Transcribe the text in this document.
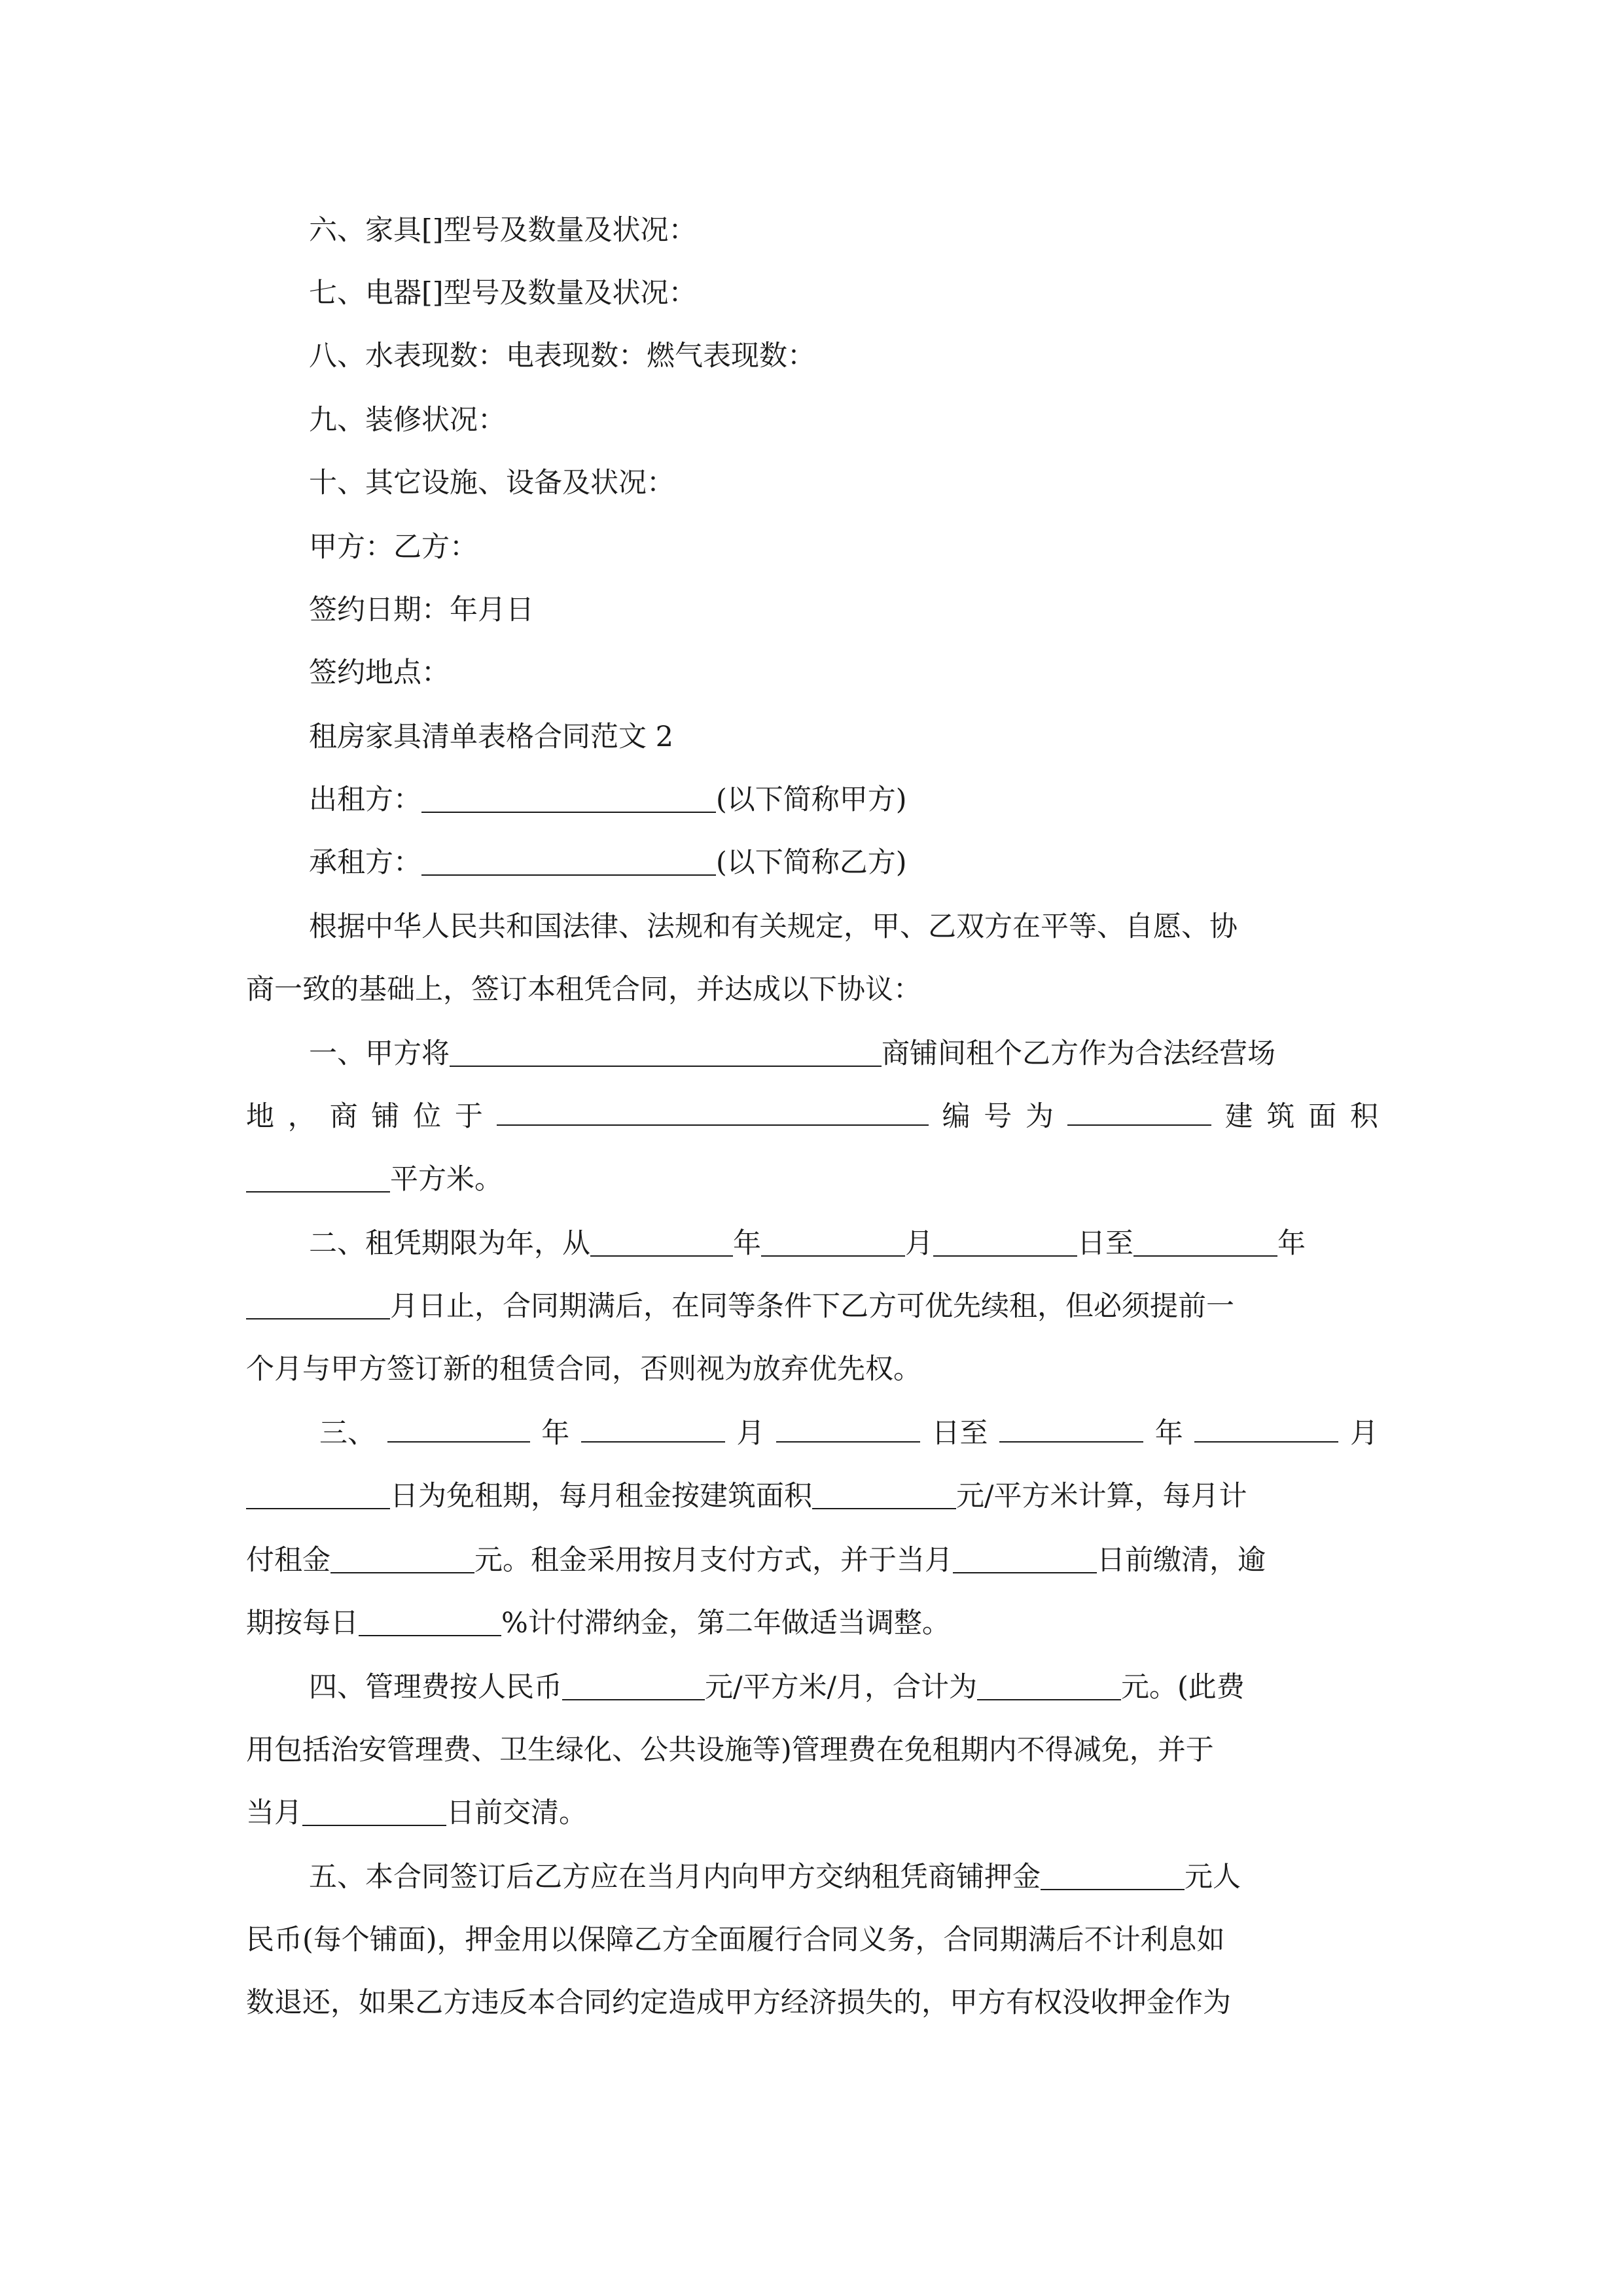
六、家具[]型号及数量及状况：

七、电器[]型号及数量及状况：

八、水表现数：电表现数：燃气表现数：

九、装修状况：

十、其它设施、设备及状况：

甲方：乙方：

签约日期：年月日

签约地点：

租房家具清单表格合同范文 2

出租方：	(以下简称甲方)

承租方：	(以下简称乙方)

根据中华人民共和国法律、法规和有关规定，甲、乙双方在平等、自愿、协

商一致的基础上，签订本租凭合同，并达成以下协议：

一、甲方将	商铺间租个乙方作为合法经营场

地 ， 商 铺 位 于	编 号 为	建 筑 面 积

平方米。

二、租凭期限为年，从	年	月	日至	年

月日止，合同期满后，在同等条件下乙方可优先续租，但必须提前一

个月与甲方签订新的租赁合同，否则视为放弃优先权。

三、	年	月	日至	年	月

日为免租期，每月租金按建筑面积	元/平方米计算，每月计

付租金	元。租金采用按月支付方式，并于当月	日前缴清，逾

期按每日	%计付滞纳金，第二年做适当调整。

四、管理费按人民币	元/平方米/月，合计为	元。(此费

用包括治安管理费、卫生绿化、公共设施等)管理费在免租期内不得减免，并于

当月	日前交清。

五、本合同签订后乙方应在当月内向甲方交纳租凭商铺押金	元人

民币(每个铺面)，押金用以保障乙方全面履行合同义务，合同期满后不计利息如

数退还，如果乙方违反本合同约定造成甲方经济损失的，甲方有权没收押金作为
